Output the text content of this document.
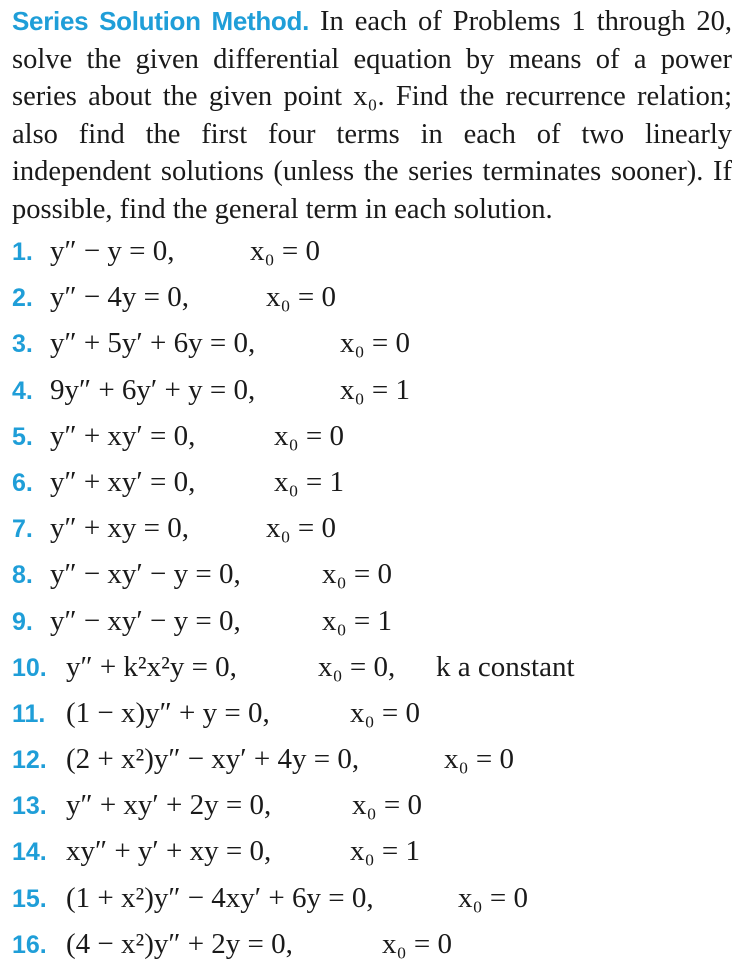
Series Solution Method. In each of Problems 1 through 20, solve the given differential equation by means of a power series about the given point x₀. Find the recurrence relation; also find the first four terms in each of two linearly independent solutions (unless the series terminates sooner). If possible, find the general term in each solution.
1. y″ − y = 0,	x₀ = 0
2. y″ − 4y = 0,	x₀ = 0
3. y″ + 5y′ + 6y = 0,	x₀ = 0
4. 9y″ + 6y′ + y = 0,	x₀ = 1
5. y″ + xy′ = 0,	x₀ = 0
6. y″ + xy′ = 0,	x₀ = 1
7. y″ + xy = 0,	x₀ = 0
8. y″ − xy′ − y = 0,	x₀ = 0
9. y″ − xy′ − y = 0,	x₀ = 1
10. y″ + k²x²y = 0,	x₀ = 0, k a constant
11. (1 − x)y″ + y = 0,	x₀ = 0
12. (2 + x²)y″ − xy′ + 4y = 0,	x₀ = 0
13. y″ + xy′ + 2y = 0,	x₀ = 0
14. xy″ + y′ + xy = 0,	x₀ = 1
15. (1 + x²)y″ − 4xy′ + 6y = 0,	x₀ = 0
16. (4 − x²)y″ + 2y = 0,	x₀ = 0
